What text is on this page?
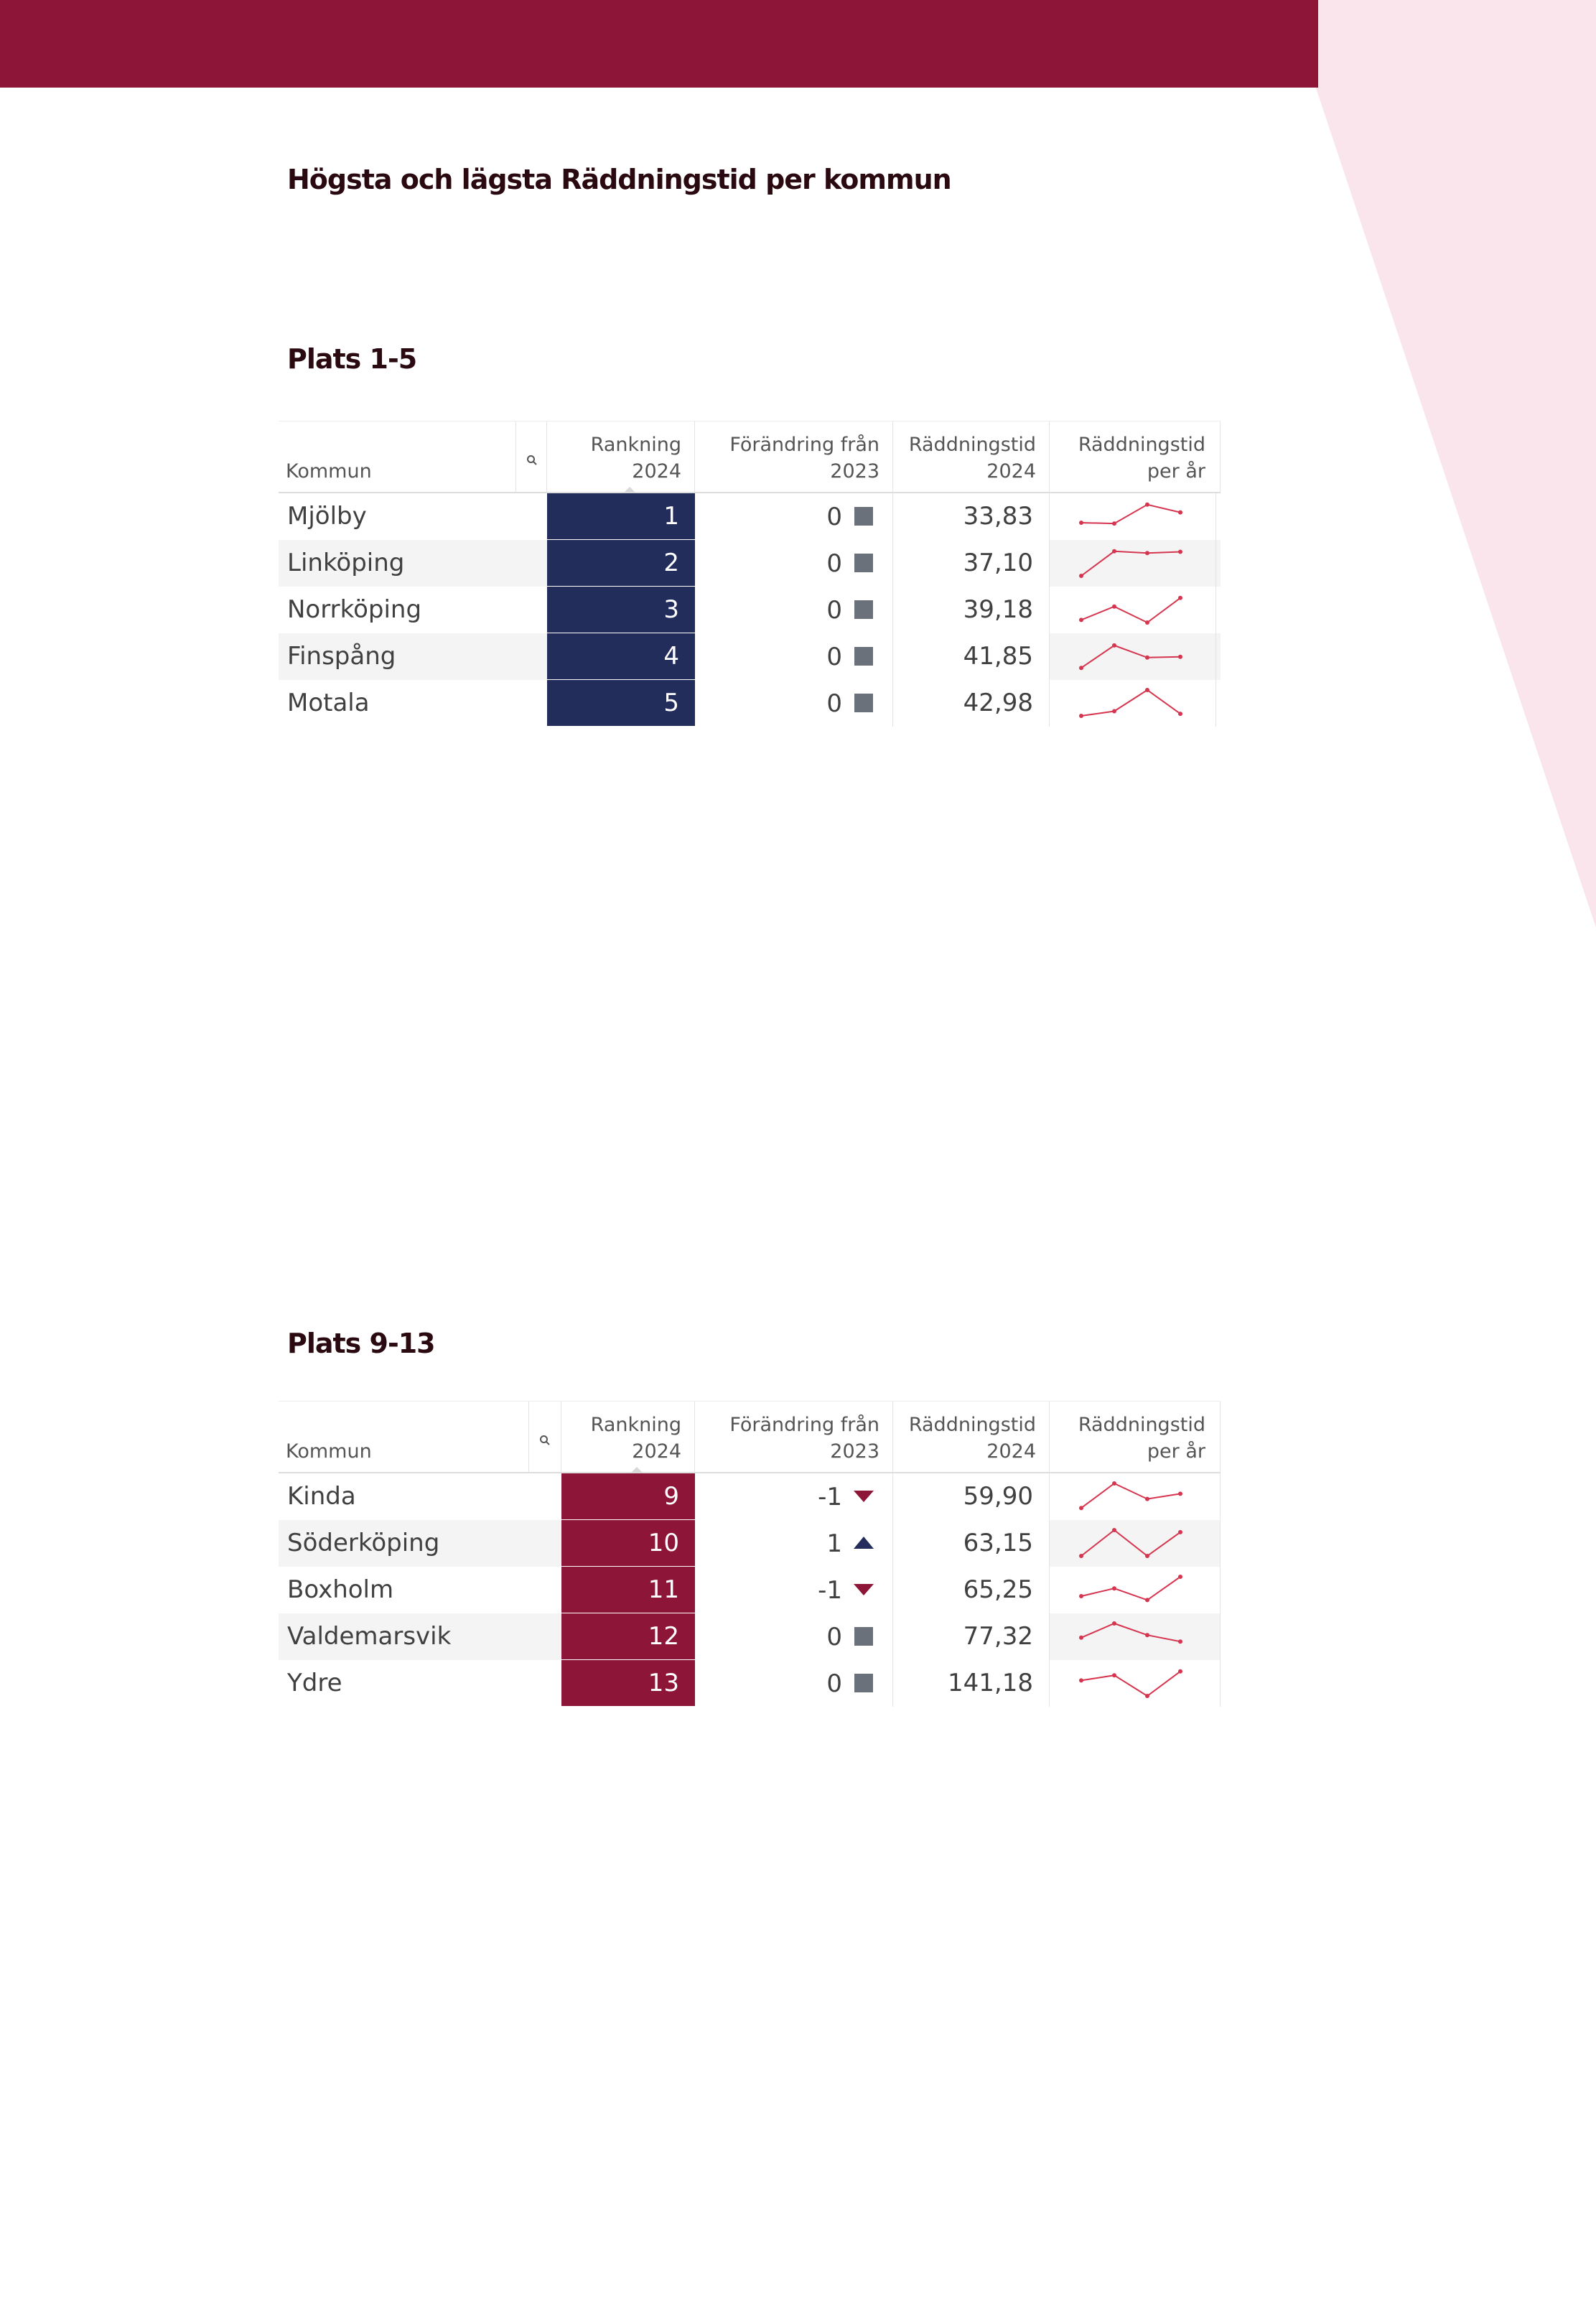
Högsta och lägsta Räddningstid per kommun
Plats 1-5
Kommun
Rankning
2024
Förändring från
2023
Räddningstid
2024
Räddningstid
per år
Mjölby	1	0	33,83
Linköping	2	0	37,10
Norrköping	3	0	39,18
Finspång	4	0	41,85
Motala	5	0	42,98
Plats 9-13
Kommun
Rankning
2024
Förändring från
2023
Räddningstid
2024
Räddningstid
per år
Kinda	9	-1	59,90
Söderköping	10	1	63,15
Boxholm	11	-1	65,25
Valdemarsvik	12	0	77,32
Ydre	13	0	141,18
